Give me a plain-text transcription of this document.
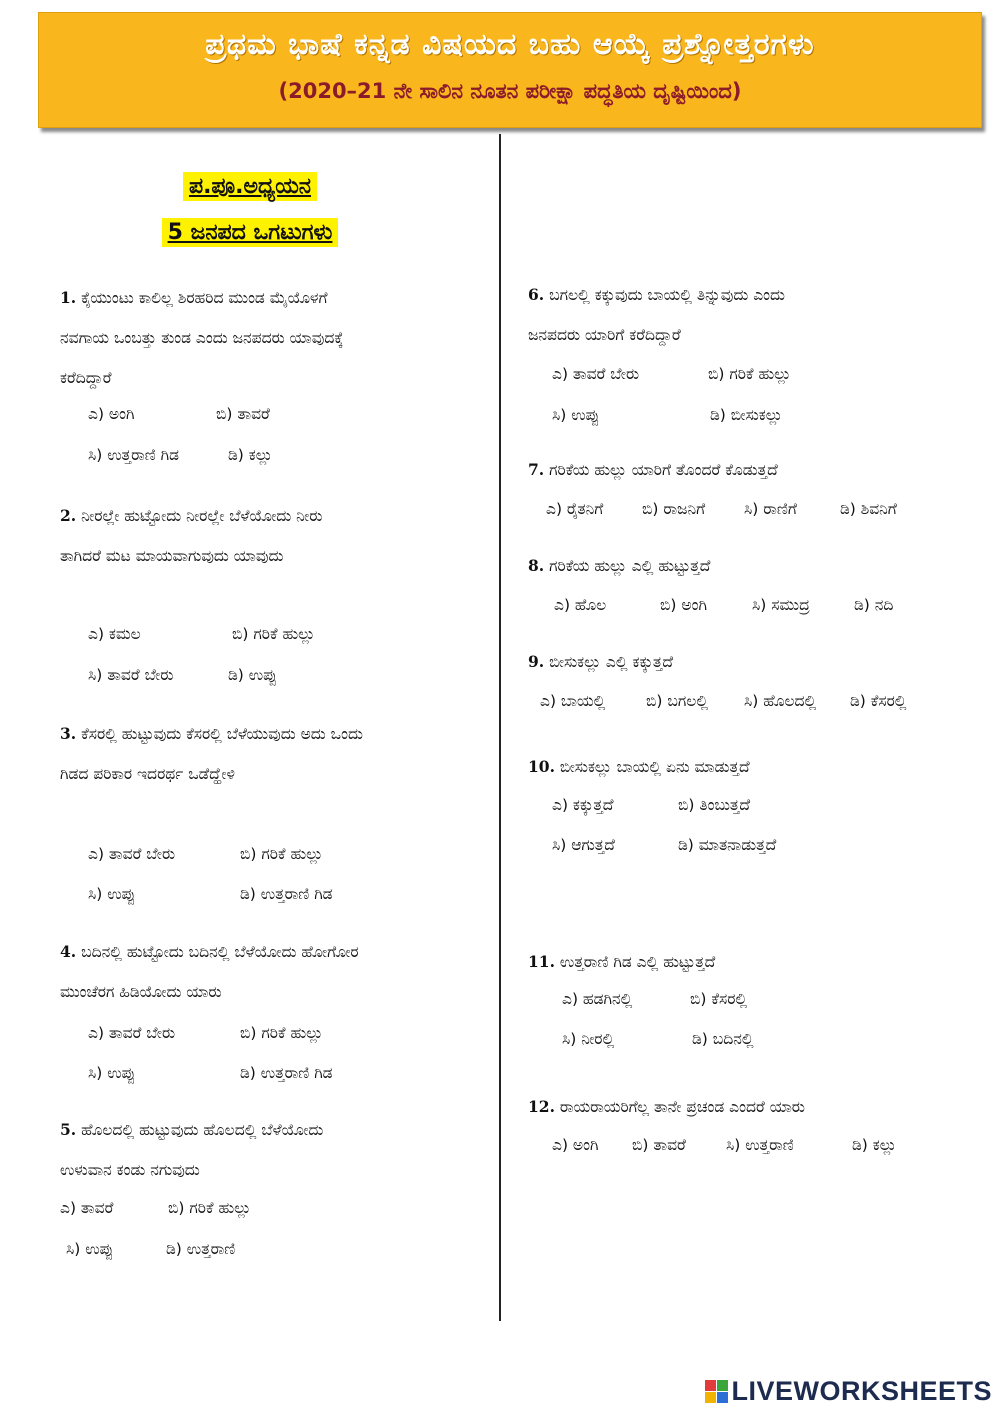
ಪ್ರಥಮ ಭಾಷೆ ಕನ್ನಡ ವಿಷಯದ ಬಹು ಆಯ್ಕೆ ಪ್ರಶ್ನೋತ್ತರಗಳು
(2020–21 ನೇ ಸಾಲಿನ ನೂತನ ಪರೀಕ್ಷಾ ಪದ್ಧತಿಯ ದೃಷ್ಟಿಯಿಂದ)
ಪ.ಪೂ.ಅಧ್ಯಯನ
5 ಜನಪದ ಒಗಟುಗಳು
1. ಕೈಯುಂಟು ಕಾಲಿಲ್ಲ ಶಿರಹರಿದ ಮುಂಡ ಮೈಯೊಳಗೆ
ನವಗಾಯ ಒಂಬತ್ತು ತುಂಡ ಎಂದು ಜನಪದರು ಯಾವುದಕ್ಕೆ
ಕರೆದಿದ್ದಾರೆ
ಎ) ಅಂಗಿ	ಬಿ) ತಾವರೆ
ಸಿ) ಉತ್ತರಾಣಿ ಗಿಡ	ಡಿ) ಕಲ್ಲು
2. ನೀರಲ್ಲೇ ಹುಟ್ಟೋದು ನೀರಲ್ಲೇ ಬೆಳೆಯೋದು ನೀರು
ತಾಗಿದರೆ ಮಟ ಮಾಯವಾಗುವುದು ಯಾವುದು
ಎ) ಕಮಲ	ಬಿ) ಗರಿಕೆ ಹುಲ್ಲು
ಸಿ) ತಾವರೆ ಬೇರು	ಡಿ) ಉಪ್ಪು
3. ಕೆಸರಲ್ಲಿ ಹುಟ್ಟುವುದು ಕೆಸರಲ್ಲಿ ಬೆಳೆಯುವುದು ಅದು ಒಂದು
ಗಿಡದ ಪರಿಕಾರ ಇದರರ್ಥ ಒಡೆದ್ಹೇಳಿ
ಎ) ತಾವರೆ ಬೇರು	ಬಿ) ಗರಿಕೆ ಹುಲ್ಲು
ಸಿ) ಉಪ್ಪು	ಡಿ) ಉತ್ತರಾಣಿ ಗಿಡ
4. ಬದಿನಲ್ಲಿ ಹುಟ್ಟೋದು ಬದಿನಲ್ಲಿ ಬೆಳೆಯೋದು ಹೋಗೋರ
ಮುಂಚೆರಗ ಹಿಡಿಯೋದು ಯಾರು
ಎ) ತಾವರೆ ಬೇರು	ಬಿ) ಗರಿಕೆ ಹುಲ್ಲು
ಸಿ) ಉಪ್ಪು	ಡಿ) ಉತ್ತರಾಣಿ ಗಿಡ
5. ಹೊಲದಲ್ಲಿ ಹುಟ್ಟುವುದು ಹೊಲದಲ್ಲಿ ಬೆಳೆಯೋದು
ಉಳುವಾನ ಕಂಡು ನಗುವುದು
ಎ) ತಾವರೆ	ಬಿ) ಗರಿಕೆ ಹುಲ್ಲು
ಸಿ) ಉಪ್ಪು	ಡಿ) ಉತ್ತರಾಣಿ
6. ಬಗಲಲ್ಲಿ ಕಕ್ಕುವುದು ಬಾಯಲ್ಲಿ ತಿನ್ನುವುದು ಎಂದು
ಜನಪದರು ಯಾರಿಗೆ ಕರೆದಿದ್ದಾರೆ
ಎ) ತಾವರೆ ಬೇರು	ಬಿ) ಗರಿಕೆ ಹುಲ್ಲು
ಸಿ) ಉಪ್ಪು	ಡಿ) ಬೀಸುಕಲ್ಲು
7. ಗರಿಕೆಯ ಹುಲ್ಲು ಯಾರಿಗೆ ತೊಂದರೆ ಕೊಡುತ್ತದೆ
ಎ) ರೈತನಿಗೆ	ಬಿ) ರಾಜನಿಗೆ	ಸಿ) ರಾಣಿಗೆ	ಡಿ) ಶಿವನಿಗೆ
8. ಗರಿಕೆಯ ಹುಲ್ಲು ಎಲ್ಲಿ ಹುಟ್ಟುತ್ತದೆ
ಎ) ಹೊಲ	ಬಿ) ಅಂಗಿ	ಸಿ) ಸಮುದ್ರ	ಡಿ) ನದಿ
9. ಬೀಸುಕಲ್ಲು ಎಲ್ಲಿ ಕಕ್ಕುತ್ತದೆ
ಎ) ಬಾಯಲ್ಲಿ	ಬಿ) ಬಗಲಲ್ಲಿ ಸಿ) ಹೊಲದಲ್ಲಿ ಡಿ) ಕೆಸರಲ್ಲಿ
10. ಬೀಸುಕಲ್ಲು ಬಾಯಲ್ಲಿ ಏನು ಮಾಡುತ್ತದೆ
ಎ) ಕಕ್ಕುತ್ತದೆ	ಬಿ) ತಿಂಬುತ್ತದೆ
ಸಿ) ಆಗುತ್ತದೆ	ಡಿ) ಮಾತನಾಡುತ್ತದೆ
11. ಉತ್ತರಾಣಿ ಗಿಡ ಎಲ್ಲಿ ಹುಟ್ಟುತ್ತದೆ
ಎ) ಹಡಗಿನಲ್ಲಿ	ಬಿ) ಕೆಸರಲ್ಲಿ
ಸಿ) ನೀರಲ್ಲಿ	ಡಿ) ಬದಿನಲ್ಲಿ
12. ರಾಯರಾಯರಿಗೆಲ್ಲ ತಾನೇ ಪ್ರಚಂಡ ಎಂದರೆ ಯಾರು
ಎ) ಅಂಗಿ ಬಿ) ತಾವರೆ	ಸಿ) ಉತ್ತರಾಣಿ	ಡಿ) ಕಲ್ಲು
LIVEWORKSHEETS
